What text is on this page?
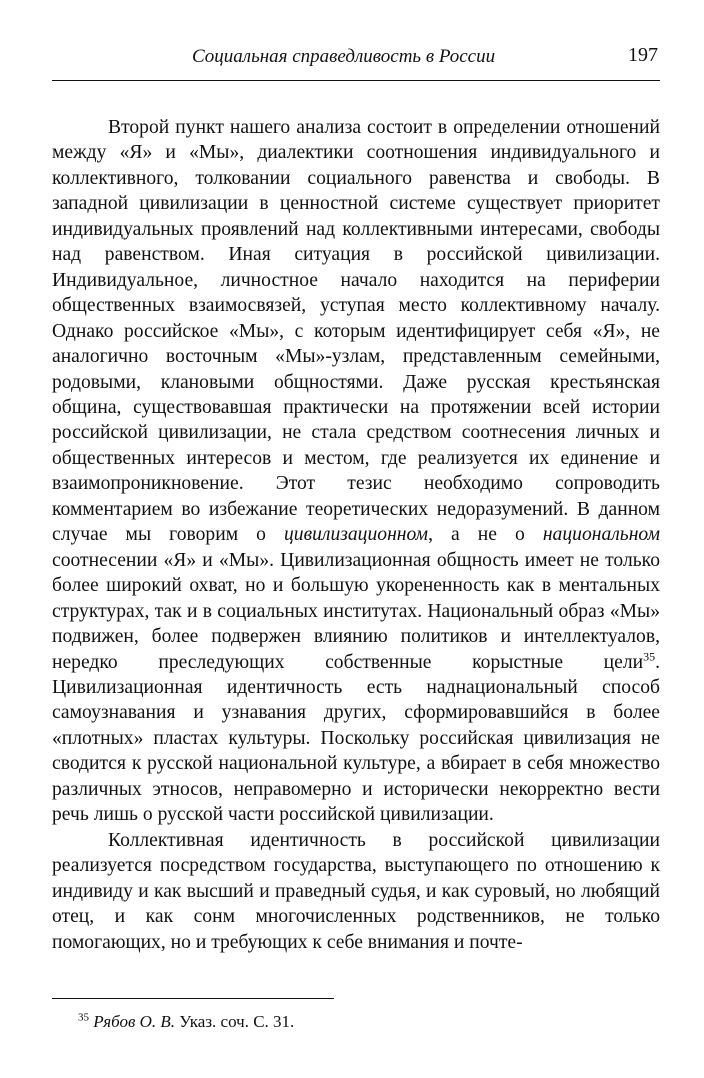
Социальная справедливость в России	197

Второй пункт нашего анализа состоит в определении отношений между «Я» и «Мы», диалектики соотношения индивидуального и коллективного, толковании социального равенства и свободы. В западной цивилизации в ценностной системе существует приоритет индивидуальных проявлений над коллективными интересами, свободы над равенством. Иная ситуация в российской цивилизации. Индивидуальное, личностное начало находится на периферии общественных взаимосвязей, уступая место коллективному началу. Однако российское «Мы», с которым идентифицирует себя «Я», не аналогично восточным «Мы»-узлам, представленным семейными, родовыми, клановыми общностями. Даже русская крестьянская община, существовавшая практически на протяжении всей истории российской цивилизации, не стала средством соотнесения личных и общественных интересов и местом, где реализуется их единение и взаимопроникновение. Этот тезис необходимо сопроводить комментарием во избежание теоретических недоразумений. В данном случае мы говорим о цивилизационном, а не о национальном соотнесении «Я» и «Мы». Цивилизационная общность имеет не только более широкий охват, но и большую укорененность как в ментальных структурах, так и в социальных институтах. Национальный образ «Мы» подвижен, более подвержен влиянию политиков и интеллектуалов, нередко преследующих собственные корыстные цели$^{35}$. Цивилизационная идентичность есть наднациональный способ самоузнавания и узнавания других, сформировавшийся в более «плотных» пластах культуры. Поскольку российская цивилизация не сводится к русской национальной культуре, а вбирает в себя множество различных этносов, неправомерно и исторически некорректно вести речь лишь о русской части российской цивилизации.

Коллективная идентичность в российской цивилизации реализуется посредством государства, выступающего по отношению к индивиду и как высший и праведный судья, и как суровый, но любящий отец, и как сонм многочисленных родственников, не только помогающих, но и требующих к себе внимания и почте-

$^{35}$ Рябов О. В. Указ. соч. С. 31.
